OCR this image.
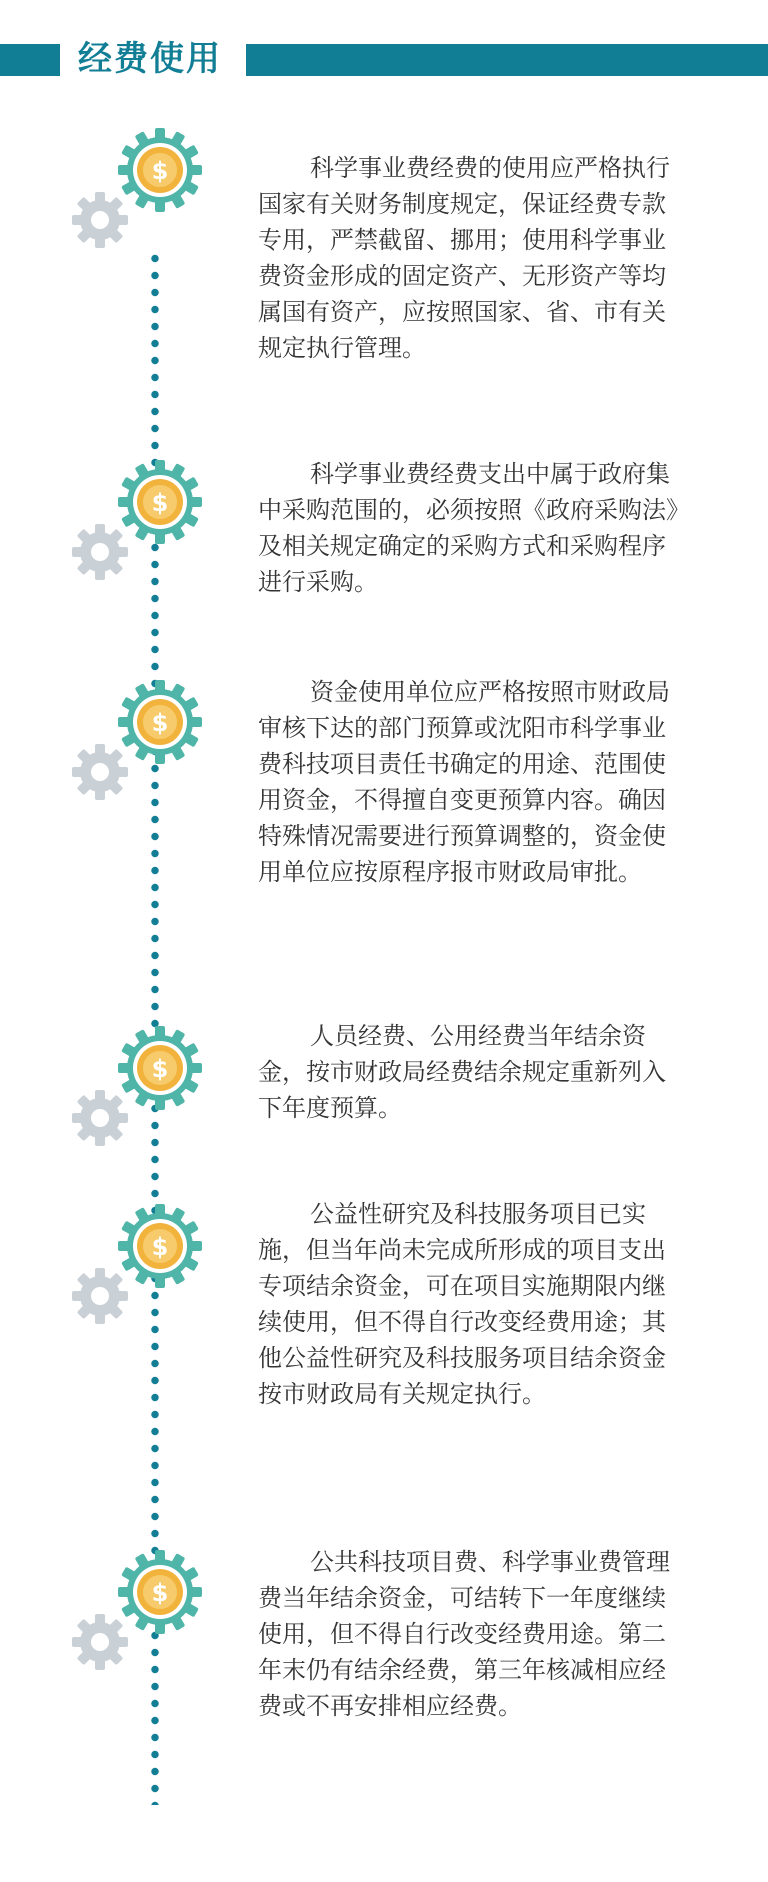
经费使用

科学事业费经费的使用应严格执行国家有关财务制度规定，保证经费专款专用，严禁截留、挪用；使用科学事业费资金形成的固定资产、无形资产等均属国有资产，应按照国家、省、市有关规定执行管理。

科学事业费经费支出中属于政府集中采购范围的，必须按照《政府采购法》及相关规定确定的采购方式和采购程序进行采购。

资金使用单位应严格按照市财政局审核下达的部门预算或沈阳市科学事业费科技项目责任书确定的用途、范围使用资金，不得擅自变更预算内容。确因特殊情况需要进行预算调整的，资金使用单位应按原程序报市财政局审批。

人员经费、公用经费当年结余资金，按市财政局经费结余规定重新列入下年度预算。

公益性研究及科技服务项目已实施，但当年尚未完成所形成的项目支出专项结余资金，可在项目实施期限内继续使用，但不得自行改变经费用途；其他公益性研究及科技服务项目结余资金按市财政局有关规定执行。

公共科技项目费、科学事业费管理费当年结余资金，可结转下一年度继续使用，但不得自行改变经费用途。第二年末仍有结余经费，第三年核减相应经费或不再安排相应经费。
